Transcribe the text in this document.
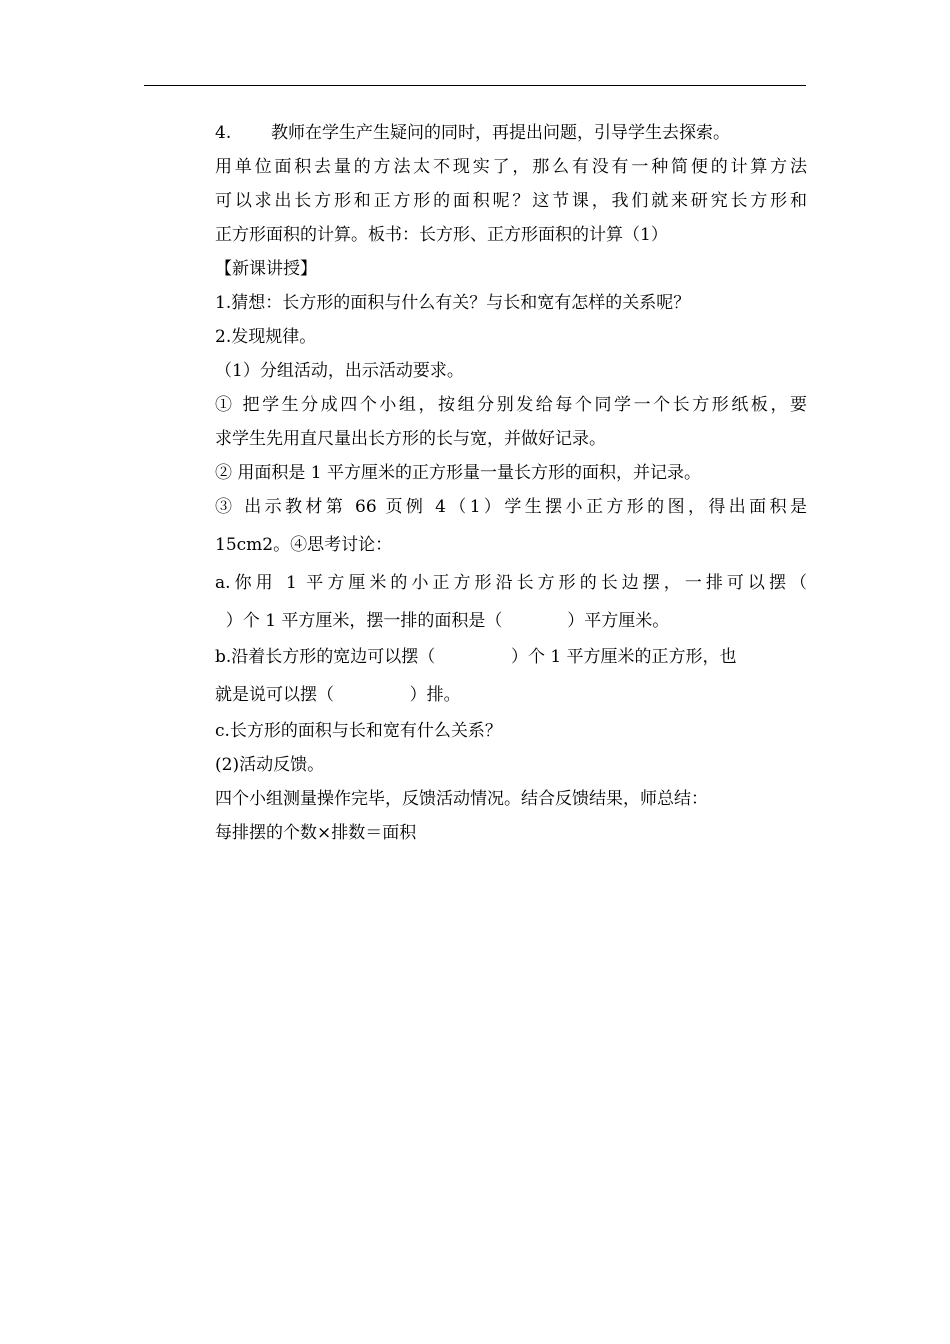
4. 教师在学生产生疑问的同时，再提出问题，引导学生去探索。
用单位面积去量的方法太不现实了，那么有没有一种简便的计算方法
可以求出长方形和正方形的面积呢？这节课，我们就来研究长方形和
正方形面积的计算。板书：长方形、正方形面积的计算（1）
【新课讲授】
1.猜想：长方形的面积与什么有关？与长和宽有怎样的关系呢？
2.发现规律。
（1）分组活动，出示活动要求。
① 把学生分成四个小组，按组分别发给每个同学一个长方形纸板，要
求学生先用直尺量出长方形的长与宽，并做好记录。
② 用面积是 1 平方厘米的正方形量一量长方形的面积，并记录。
③ 出示教材第 66 页例 4（1）学生摆小正方形的图，得出面积是
15cm2。④思考讨论：
a.你用 1 平方厘米的小正方形沿长方形的长边摆，一排可以摆（
）个 1 平方厘米，摆一排的面积是（            ）平方厘米。
b.沿着长方形的宽边可以摆（              ）个 1 平方厘米的正方形，也
就是说可以摆（              ）排。
c.长方形的面积与长和宽有什么关系？
(2)活动反馈。
四个小组测量操作完毕，反馈活动情况。结合反馈结果，师总结：
每排摆的个数×排数＝面积
